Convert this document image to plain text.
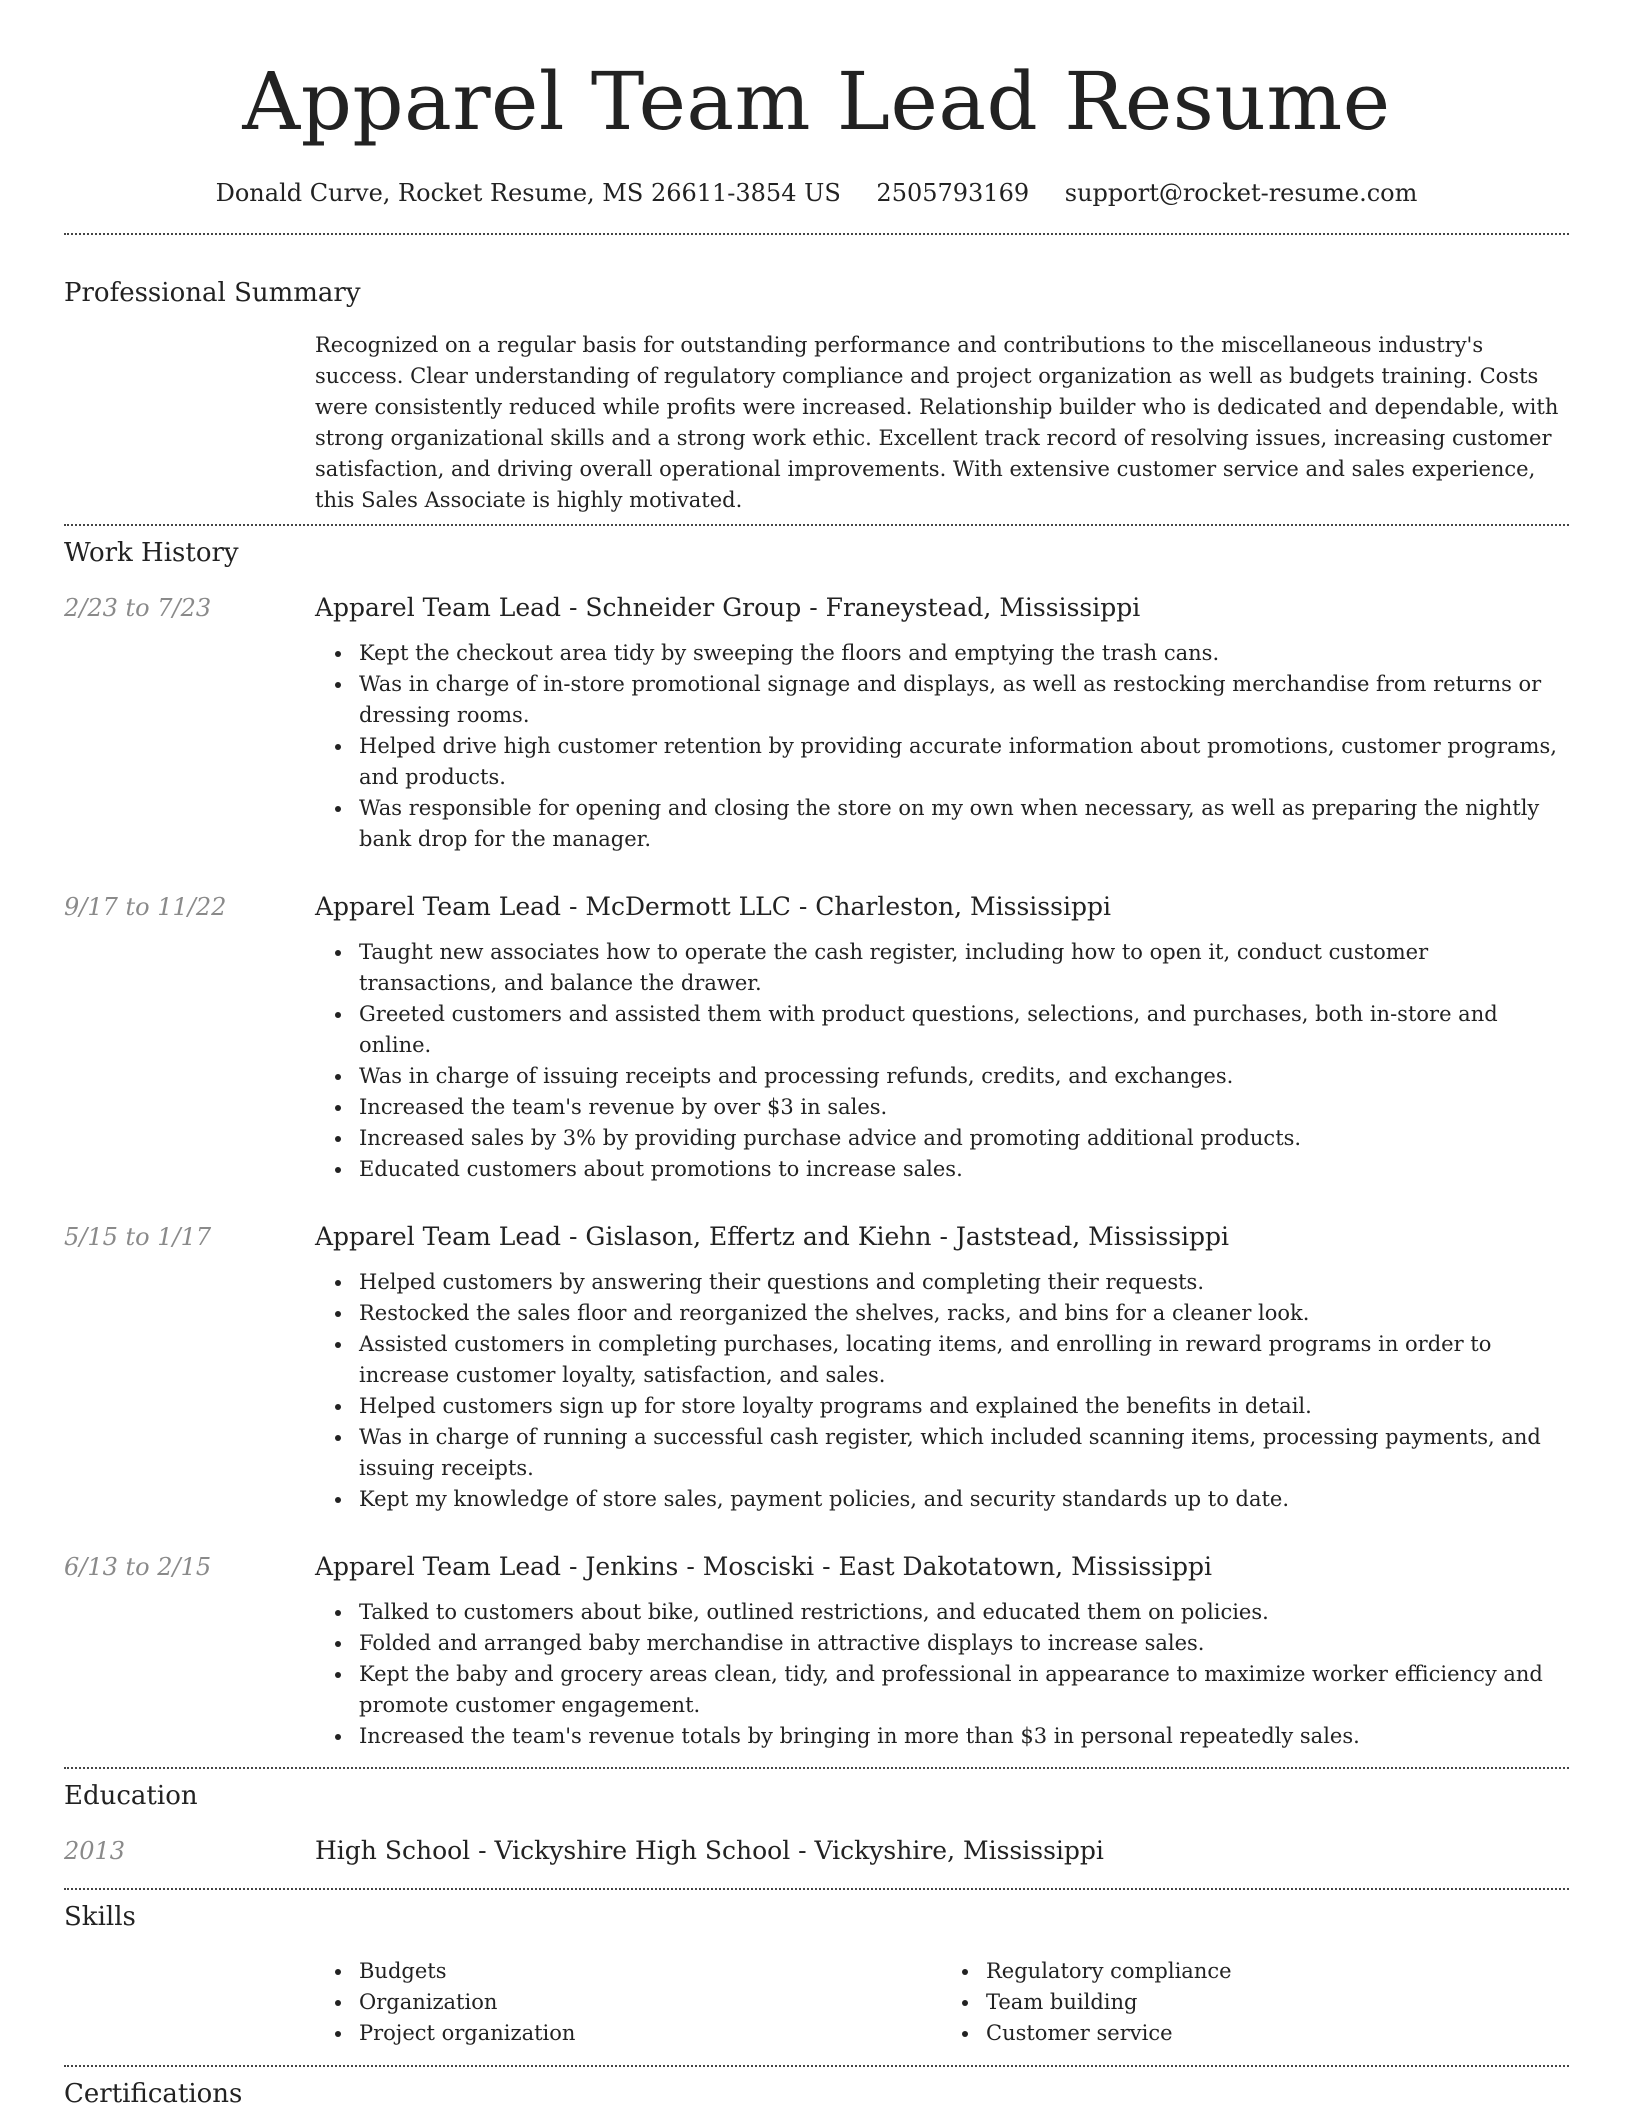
Apparel Team Lead Resume
Donald Curve, Rocket Resume, MS 26611-3854 US 2505793169 support@rocket-resume.com
Professional Summary

Recognized on a regular basis for outstanding performance and contributions to the miscellaneous industry's success. Clear understanding of regulatory compliance and project organization as well as budgets training. Costs were consistently reduced while profits were increased. Relationship builder who is dedicated and dependable, with strong organizational skills and a strong work ethic. Excellent track record of resolving issues, increasing customer satisfaction, and driving overall operational improvements. With extensive customer service and sales experience, this Sales Associate is highly motivated.

Work History
2/23 to 7/23	Apparel Team Lead - Schneider Group - Franeystead, Mississippi
Kept the checkout area tidy by sweeping the floors and emptying the trash cans.
Was in charge of in-store promotional signage and displays, as well as restocking merchandise from returns or dressing rooms.
Helped drive high customer retention by providing accurate information about promotions, customer programs, and products.
Was responsible for opening and closing the store on my own when necessary, as well as preparing the nightly bank drop for the manager.
9/17 to 11/22	Apparel Team Lead - McDermott LLC - Charleston, Mississippi
Taught new associates how to operate the cash register, including how to open it, conduct customer transactions, and balance the drawer.
Greeted customers and assisted them with product questions, selections, and purchases, both in-store and online.
Was in charge of issuing receipts and processing refunds, credits, and exchanges.
Increased the team's revenue by over $3 in sales.
Increased sales by 3% by providing purchase advice and promoting additional products.
Educated customers about promotions to increase sales.
5/15 to 1/17	Apparel Team Lead - Gislason, Effertz and Kiehn - Jaststead, Mississippi
Helped customers by answering their questions and completing their requests.
Restocked the sales floor and reorganized the shelves, racks, and bins for a cleaner look.
Assisted customers in completing purchases, locating items, and enrolling in reward programs in order to increase customer loyalty, satisfaction, and sales.
Helped customers sign up for store loyalty programs and explained the benefits in detail.
Was in charge of running a successful cash register, which included scanning items, processing payments, and issuing receipts.
Kept my knowledge of store sales, payment policies, and security standards up to date.
6/13 to 2/15	Apparel Team Lead - Jenkins - Mosciski - East Dakotatown, Mississippi
Talked to customers about bike, outlined restrictions, and educated them on policies.
Folded and arranged baby merchandise in attractive displays to increase sales.
Kept the baby and grocery areas clean, tidy, and professional in appearance to maximize worker efficiency and promote customer engagement.
Increased the team's revenue totals by bringing in more than $3 in personal repeatedly sales.
Education
2013	High School - Vickyshire High School - Vickyshire, Mississippi
Skills
Budgets
Organization
Project organization
Regulatory compliance
Team building
Customer service
Certifications
